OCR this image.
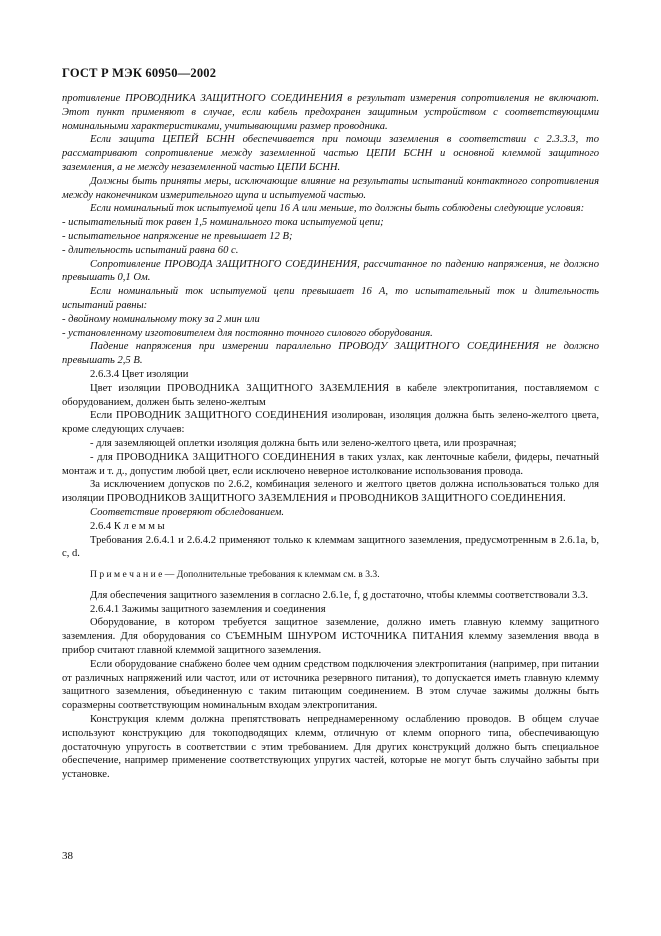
ГОСТ Р МЭК 60950—2002

противление ПРОВОДНИКА ЗАЩИТНОГО СОЕДИНЕНИЯ в результат измерения сопротивления не включают. Этот пункт применяют в случае, если кабель предохранен защитным устройством с соответствующими номинальными характеристиками, учитывающими размер проводника.

Если защита ЦЕПЕЙ БСНН обеспечивается при помощи заземления в соответствии с 2.3.3.3, то рассматривают сопротивление между заземленной частью ЦЕПИ БСНН и основной клеммой защитного заземления, а не между незаземленной частью ЦЕПИ БСНН.

Должны быть приняты меры, исключающие влияние на результаты испытаний контактного сопротивления между наконечником измерительного щупа и испытуемой частью.

Если номинальный ток испытуемой цепи 16 А или меньше, то должны быть соблюдены следующие условия:

- испытательный ток равен 1,5 номинального тока испытуемой цепи;

- испытательное напряжение не превышает 12 В;

- длительность испытаний равна 60 с.

Сопротивление ПРОВОДА ЗАЩИТНОГО СОЕДИНЕНИЯ, рассчитанное по падению напряжения, не должно превышать 0,1 Ом.

Если номинальный ток испытуемой цепи превышает 16 А, то испытательный ток и длительность испытаний равны:

- двойному номинальному току за 2 мин или

- установленному изготовителем для постоянно точного силового оборудования.

Падение напряжения при измерении параллельно ПРОВОДУ ЗАЩИТНОГО СОЕДИНЕНИЯ не должно превышать 2,5 В.

2.6.3.4 Цвет изоляции

Цвет изоляции ПРОВОДНИКА ЗАЩИТНОГО ЗАЗЕМЛЕНИЯ в кабеле электропитания, поставляемом с оборудованием, должен быть зелено-желтым

Если ПРОВОДНИК ЗАЩИТНОГО СОЕДИНЕНИЯ изолирован, изоляция должна быть зелено-желтого цвета, кроме следующих случаев:

- для заземляющей оплетки изоляция должна быть или зелено-желтого цвета, или прозрачная;

- для ПРОВОДНИКА ЗАЩИТНОГО СОЕДИНЕНИЯ в таких узлах, как ленточные кабели, фидеры, печатный монтаж и т. д., допустим любой цвет, если исключено неверное истолкование использования провода.

За исключением допусков по 2.6.2, комбинация зеленого и желтого цветов должна использоваться только для изоляции ПРОВОДНИКОВ ЗАЩИТНОГО ЗАЗЕМЛЕНИЯ и ПРОВОДНИКОВ ЗАЩИТНОГО СОЕДИНЕНИЯ.

Соответствие проверяют обследованием.

2.6.4 К л е м м ы

Требования 2.6.4.1 и 2.6.4.2 применяют только к клеммам защитного заземления, предусмотренным в 2.6.1a, b, c, d.

П р и м е ч а н и е — Дополнительные требования к клеммам см. в 3.3.

Для обеспечения защитного заземления в согласно 2.6.1e, f, g достаточно, чтобы клеммы соответствовали 3.3.

2.6.4.1 Зажимы защитного заземления и соединения

Оборудование, в котором требуется защитное заземление, должно иметь главную клемму защитного заземления. Для оборудования со СЪЕМНЫМ ШНУРОМ ИСТОЧНИКА ПИТАНИЯ клемму заземления ввода в прибор считают главной клеммой защитного заземления.

Если оборудование снабжено более чем одним средством подключения электропитания (например, при питании от различных напряжений или частот, или от источника резервного питания), то допускается иметь главную клемму защитного заземления, объединенную с таким питающим соединением. В этом случае зажимы должны быть соразмерны соответствующим номинальным входам электропитания.

Конструкция клемм должна препятствовать непреднамеренному ослаблению проводов. В общем случае используют конструкцию для токоподводящих клемм, отличную от клемм опорного типа, обеспечивающую достаточную упругость в соответствии с этим требованием. Для других конструкций должно быть специальное обеспечение, например применение соответствующих упругих частей, которые не могут быть случайно забыты при установке.

38
